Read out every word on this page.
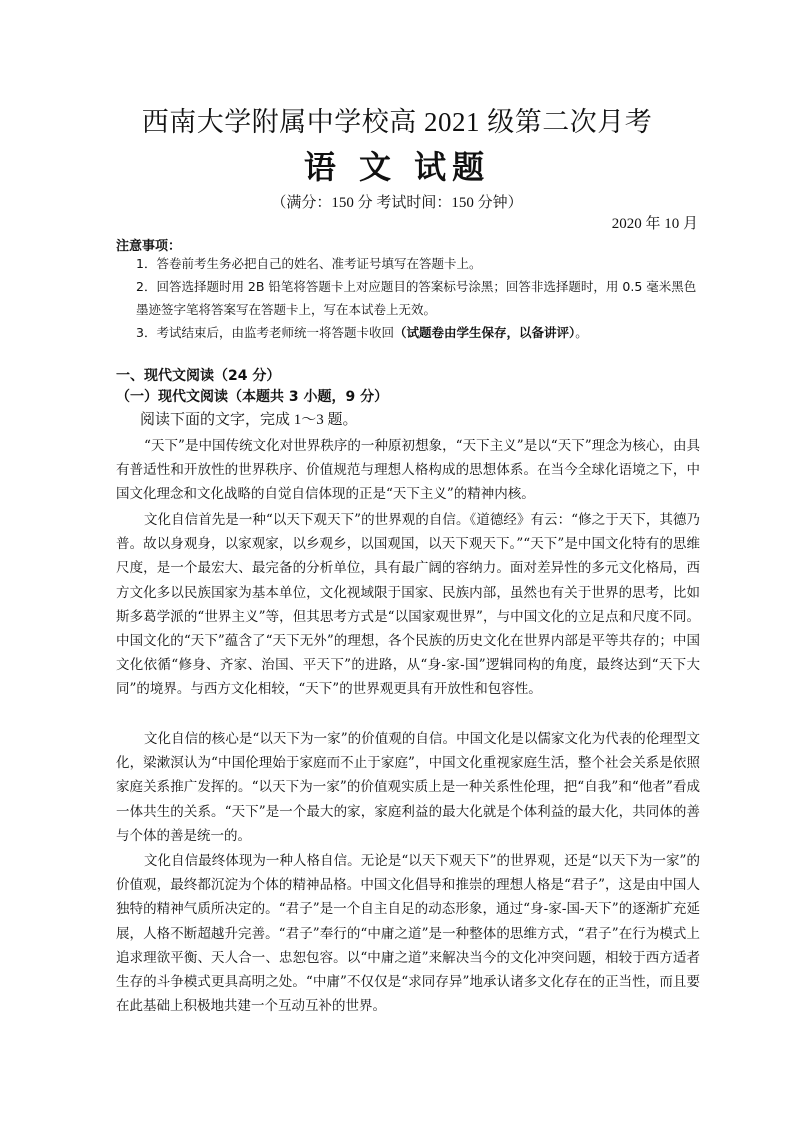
西南大学附属中学校高 2021 级第二次月考
语 文 试题
（满分：150 分 考试时间：150 分钟）
2020 年 10 月
注意事项：
1．答卷前考生务必把自己的姓名、准考证号填写在答题卡上。
2．回答选择题时用 2B 铅笔将答题卡上对应题目的答案标号涂黑；回答非选择题时，用 0.5 毫米黑色墨迹签字笔将答案写在答题卡上，写在本试卷上无效。
3．考试结束后，由监考老师统一将答题卡收回（试题卷由学生保存，以备讲评）。
一、现代文阅读（24 分）
（一）现代文阅读（本题共 3 小题，9 分）
阅读下面的文字，完成 1～3 题。

“天下”是中国传统文化对世界秩序的一种原初想象，“天下主义”是以“天下”理念为核心，由具有普适性和开放性的世界秩序、价值规范与理想人格构成的思想体系。在当今全球化语境之下，中国文化理念和文化战略的自觉自信体现的正是“天下主义”的精神内核。

文化自信首先是一种“以天下观天下”的世界观的自信。《道德经》有云：“修之于天下，其德乃普。故以身观身，以家观家，以乡观乡，以国观国，以天下观天下。”“天下”是中国文化特有的思维尺度，是一个最宏大、最完备的分析单位，具有最广阔的容纳力。面对差异性的多元文化格局，西方文化多以民族国家为基本单位，文化视域限于国家、民族内部，虽然也有关于世界的思考，比如斯多葛学派的“世界主义”等，但其思考方式是“以国家观世界”，与中国文化的立足点和尺度不同。中国文化的“天下”蕴含了“天下无外”的理想，各个民族的历史文化在世界内部是平等共存的；中国文化依循“修身、齐家、治国、平天下”的进路，从“身-家-国”逻辑同构的角度，最终达到“天下大同”的境界。与西方文化相较，“天下”的世界观更具有开放性和包容性。

文化自信的核心是“以天下为一家”的价值观的自信。中国文化是以儒家文化为代表的伦理型文化，梁漱溟认为“中国伦理始于家庭而不止于家庭”，中国文化重视家庭生活，整个社会关系是依照家庭关系推广发挥的。“以天下为一家”的价值观实质上是一种关系性伦理，把“自我”和“他者”看成一体共生的关系。“天下”是一个最大的家，家庭利益的最大化就是个体利益的最大化，共同体的善与个体的善是统一的。

文化自信最终体现为一种人格自信。无论是“以天下观天下”的世界观，还是“以天下为一家”的价值观，最终都沉淀为个体的精神品格。中国文化倡导和推崇的理想人格是“君子”，这是由中国人独特的精神气质所决定的。“君子”是一个自主自足的动态形象，通过“身-家-国-天下”的逐渐扩充延展，人格不断超越升完善。“君子”奉行的“中庸之道”是一种整体的思维方式，“君子”在行为模式上追求理欲平衡、天人合一、忠恕包容。以“中庸之道”来解决当今的文化冲突问题，相较于西方适者生存的斗争模式更具高明之处。“中庸”不仅仅是“求同存异”地承认诸多文化存在的正当性，而且要在此基础上积极地共建一个互动互补的世界。
